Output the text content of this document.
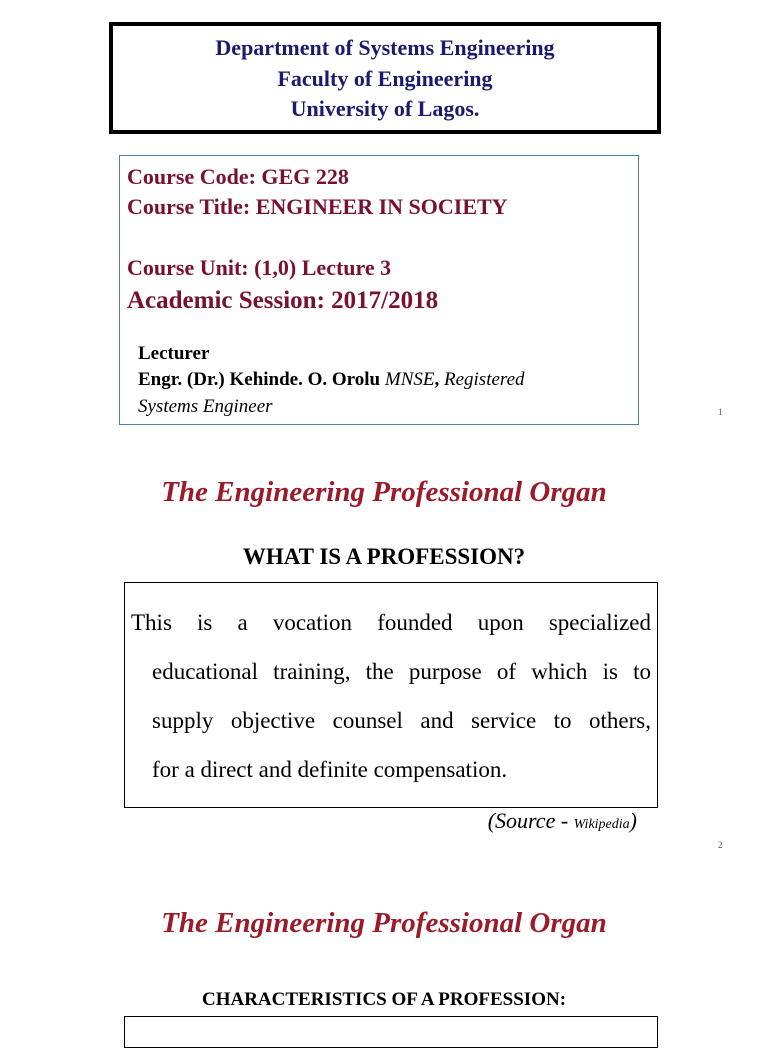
Department of Systems Engineering
Faculty of Engineering
University of Lagos.
Course Code: GEG 228
Course Title: ENGINEER IN SOCIETY
Course Unit: (1,0) Lecture 3
Academic Session: 2017/2018
Lecturer
Engr. (Dr.) Kehinde. O. Orolu MNSE, Registered
Systems Engineer	1
The Engineering Professional Organ
WHAT IS A PROFESSION?
This is a vocation founded upon specialized
educational training, the purpose of which is to
supply objective counsel and service to others,
for a direct and definite compensation.
(Source - Wikipedia)
2
The Engineering Professional Organ
CHARACTERISTICS OF A PROFESSION:
